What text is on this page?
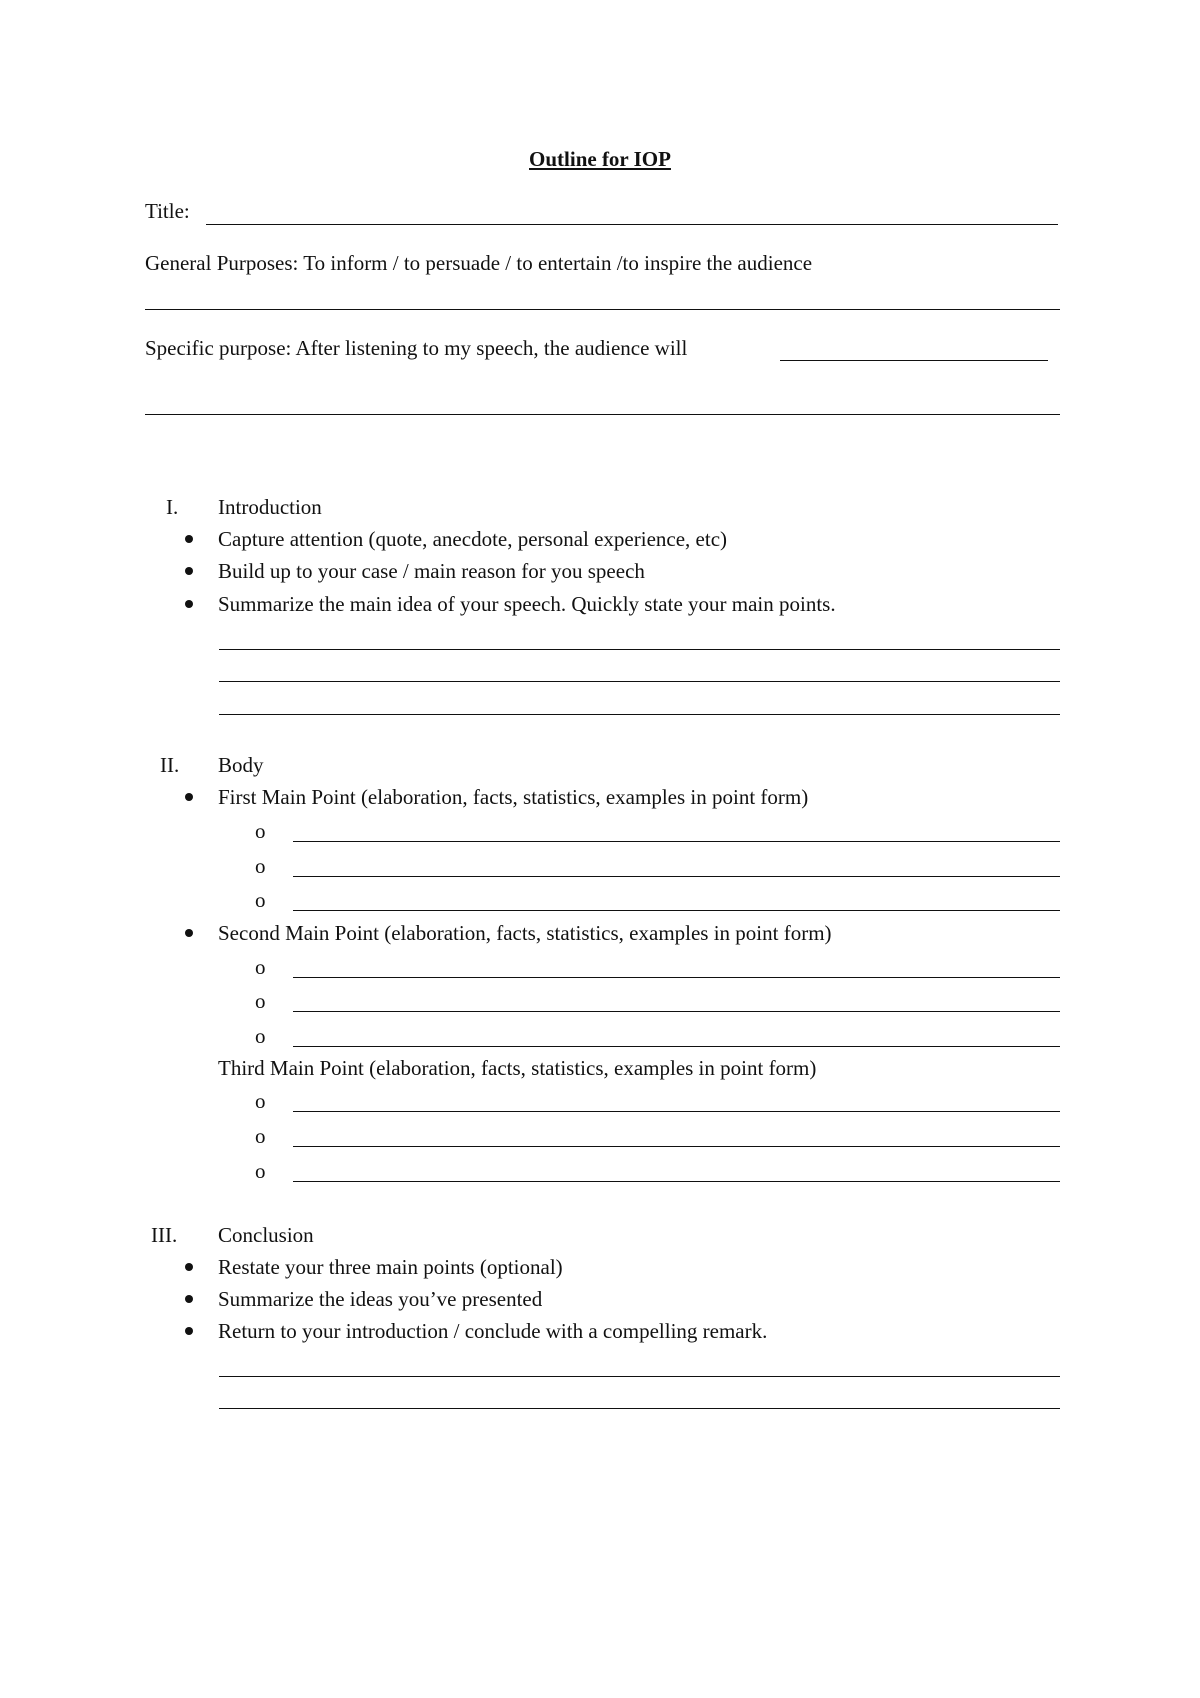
Outline for IOP
Title:
General Purposes: To inform / to persuade / to entertain /to inspire the audience
Specific purpose: After listening to my speech, the audience will
I. Introduction
Capture attention (quote, anecdote, personal experience, etc)
Build up to your case / main reason for you speech
Summarize the main idea of your speech. Quickly state your main points.
II. Body
First Main Point (elaboration, facts, statistics, examples in point form)
o
o
o
Second Main Point (elaboration, facts, statistics, examples in point form)
o
o
o
Third Main Point (elaboration, facts, statistics, examples in point form)
o
o
o
III. Conclusion
Restate your three main points (optional)
Summarize the ideas you’ve presented
Return to your introduction / conclude with a compelling remark.
